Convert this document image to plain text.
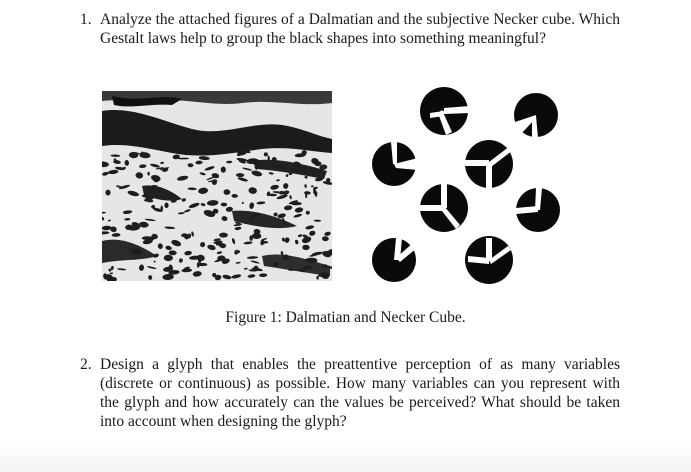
1. Analyze the attached figures of a Dalmatian and the subjective Necker cube. Which Gestalt laws help to group the black shapes into something meaningful?
Figure 1: Dalmatian and Necker Cube.
2. Design a glyph that enables the preattentive perception of as many variables (discrete or continuous) as possible. How many variables can you represent with the glyph and how accurately can the values be perceived? What should be taken into account when designing the glyph?
